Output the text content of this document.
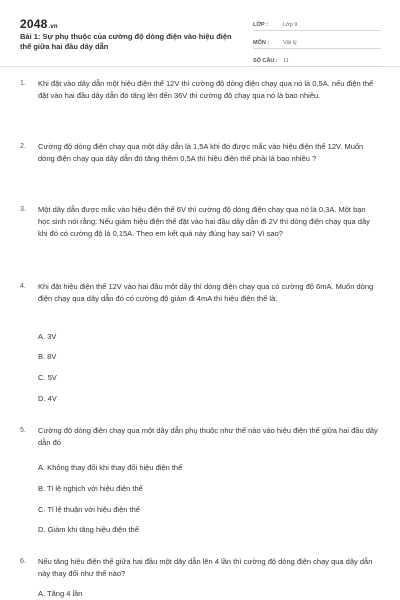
2048.vn
Bài 1: Sự phụ thuộc của cường độ dòng điện vào hiệu điện thế giữa hai đầu dây dẫn
LỚP :	Lớp 9
MÔN :	Vật lý
SỐ CÂU : 11
1. Khi đặt vào dây dẫn một hiệu điện thế 12V thì cường độ dòng điện chạy qua nó là 0,5A. nếu điện thế đặt vào hai đầu dây dẫn đó tăng lên đến 36V thì cường độ chạy qua nó là bao nhiêu.
2. Cường độ dòng điện chạy qua một dây dẫn là 1,5A khi đó được mắc vào hiệu điện thế 12V. Muốn dòng điện chạy qua dây dẫn đó tăng thêm 0,5A thì hiệu điện thế phải là bao nhiêu ?
3. Một dây dẫn được mắc vào hiệu điện thế 6V thì cường độ dòng điện chạy qua nó là 0,3A. Một bạn học sinh nói rằng: Nếu giảm hiệu điện thế đặt vào hai đầu dây dẫn đi 2V thì dòng điện chạy qua dây khi đó có cường độ là 0,15A. Theo em kết quả này đúng hay sai? Vì sao?
4. Khi đặt hiệu điện thế 12V vào hai đầu một dây thì dòng điện chạy qua có cường độ 6mA. Muốn dòng điện chạy qua dây dẫn đó có cường độ giảm đi 4mA thì hiệu điện thế là:
A. 3V
B. 8V
C. 5V
D. 4V
5. Cường độ dòng điện chạy qua một dây dẫn phụ thuộc như thế nào vào hiệu điện thế giữa hai đầu dây dẫn đó
A. Không thay đổi khi thay đổi hiệu điện thế
B. Tỉ lệ nghịch với hiệu điện thế
C. Tỉ lệ thuận với hiệu điện thế
D. Giảm khi tăng hiệu điện thế
6. Nếu tăng hiệu điện thế giữa hai đầu một dây dẫn lên 4 lần thì cường độ dòng điện chạy qua dây dẫn này thay đổi như thế nào?
A. Tăng 4 lần
